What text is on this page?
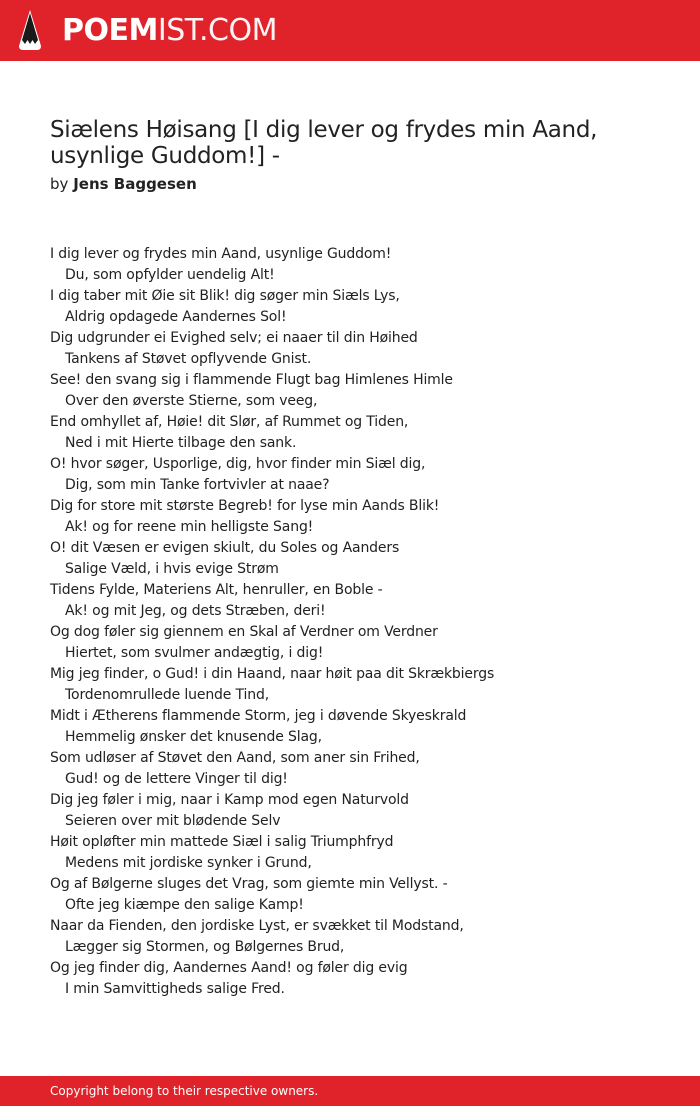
POEMIST.COM
Siælens Høisang [I dig lever og frydes min Aand, usynlige Guddom!] -
by Jens Baggesen
I dig lever og frydes min Aand, usynlige Guddom!
Du, som opfylder uendelig Alt!
I dig taber mit Øie sit Blik! dig søger min Siæls Lys,
Aldrig opdagede Aandernes Sol!
Dig udgrunder ei Evighed selv; ei naaer til din Høihed
Tankens af Støvet opflyvende Gnist.
See! den svang sig i flammende Flugt bag Himlenes Himle
Over den øverste Stierne, som veeg,
End omhyllet af, Høie! dit Slør, af Rummet og Tiden,
Ned i mit Hierte tilbage den sank.
O! hvor søger, Usporlige, dig, hvor finder min Siæl dig,
Dig, som min Tanke fortvivler at naae?
Dig for store mit største Begreb! for lyse min Aands Blik!
Ak! og for reene min helligste Sang!
O! dit Væsen er evigen skiult, du Soles og Aanders
Salige Væld, i hvis evige Strøm
Tidens Fylde, Materiens Alt, henruller, en Boble -
Ak! og mit Jeg, og dets Stræben, deri!
Og dog føler sig giennem en Skal af Verdner om Verdner
Hiertet, som svulmer andægtig, i dig!
Mig jeg finder, o Gud! i din Haand, naar høit paa dit Skrækbiergs
Tordenomrullede luende Tind,
Midt i Ætherens flammende Storm, jeg i døvende Skyeskrald
Hemmelig ønsker det knusende Slag,
Som udløser af Støvet den Aand, som aner sin Frihed,
Gud! og de lettere Vinger til dig!
Dig jeg føler i mig, naar i Kamp mod egen Naturvold
Seieren over mit blødende Selv
Høit opløfter min mattede Siæl i salig Triumphfryd
Medens mit jordiske synker i Grund,
Og af Bølgerne sluges det Vrag, som giemte min Vellyst. -
Ofte jeg kiæmpe den salige Kamp!
Naar da Fienden, den jordiske Lyst, er svækket til Modstand,
Lægger sig Stormen, og Bølgernes Brud,
Og jeg finder dig, Aandernes Aand! og føler dig evig
I min Samvittigheds salige Fred.
Copyright belong to their respective owners.
